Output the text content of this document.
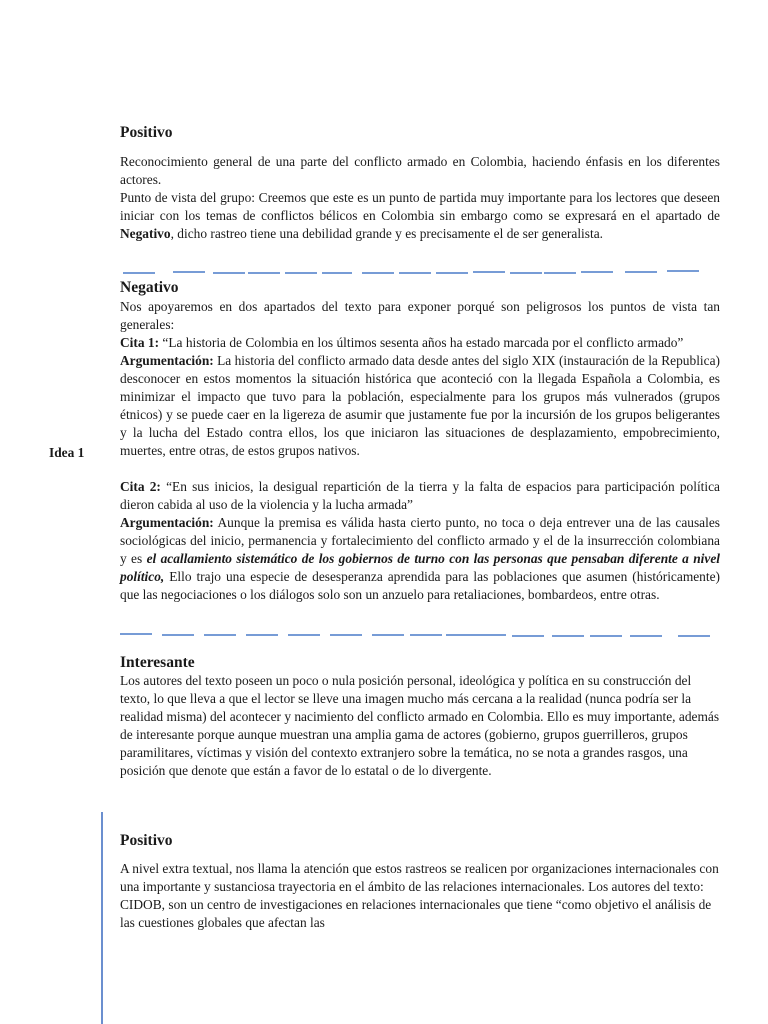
Positivo

Reconocimiento general de una parte del conflicto armado en Colombia, haciendo énfasis en los diferentes actores.

Punto de vista del grupo: Creemos que este es un punto de partida muy importante para los lectores que deseen iniciar con los temas de conflictos bélicos en Colombia sin embargo como se expresará en el apartado de Negativo, dicho rastreo tiene una debilidad grande y es precisamente el de ser generalista.

Negativo

Nos apoyaremos en dos apartados del texto para exponer porqué son peligrosos los puntos de vista tan generales:

Cita 1: “La historia de Colombia en los últimos sesenta años ha estado marcada por el conflicto armado”

Argumentación: La historia del conflicto armado data desde antes del siglo XIX (instauración de la Republica) desconocer en estos momentos la situación histórica que aconteció con la llegada Española a Colombia, es minimizar el impacto que tuvo para la población, especialmente para los grupos más vulnerados (grupos étnicos) y se puede caer en la ligereza de asumir que justamente fue por la incursión de los grupos beligerantes y la lucha del Estado contra ellos, los que iniciaron las situaciones de desplazamiento, empobrecimiento, muertes, entre otras, de estos grupos nativos.

Cita 2: “En sus inicios, la desigual repartición de la tierra y la falta de espacios para participación política dieron cabida al uso de la violencia y la lucha armada”

Argumentación: Aunque la premisa es válida hasta cierto punto, no toca o deja entrever una de las causales sociológicas del inicio, permanencia y fortalecimiento del conflicto armado y el de la insurrección colombiana y es el acallamiento sistemático de los gobiernos de turno con las personas que pensaban diferente a nivel político, Ello trajo una especie de desesperanza aprendida para las poblaciones que asumen (históricamente) que las negociaciones o los diálogos solo son un anzuelo para retaliaciones, bombardeos, entre otras.

Idea 1
Interesante
Los autores del texto poseen un poco o nula posición personal, ideológica y política en su construcción del texto, lo que lleva a que el lector se lleve una imagen mucho más cercana a la realidad (nunca podría ser la realidad misma) del acontecer y nacimiento del conflicto armado en Colombia. Ello es muy importante, además de interesante porque aunque muestran una amplia gama de actores (gobierno, grupos guerrilleros, grupos paramilitares, víctimas y visión del contexto extranjero sobre la temática, no se nota a grandes rasgos, una posición que denote que están a favor de lo estatal o de lo divergente.
Positivo
A nivel extra textual, nos llama la atención que estos rastreos se realicen por organizaciones internacionales con una importante y sustanciosa trayectoria en el ámbito de las relaciones internacionales. Los autores del texto: CIDOB, son un centro de investigaciones en relaciones internacionales que tiene “como objetivo el análisis de las cuestiones globales que afectan las
